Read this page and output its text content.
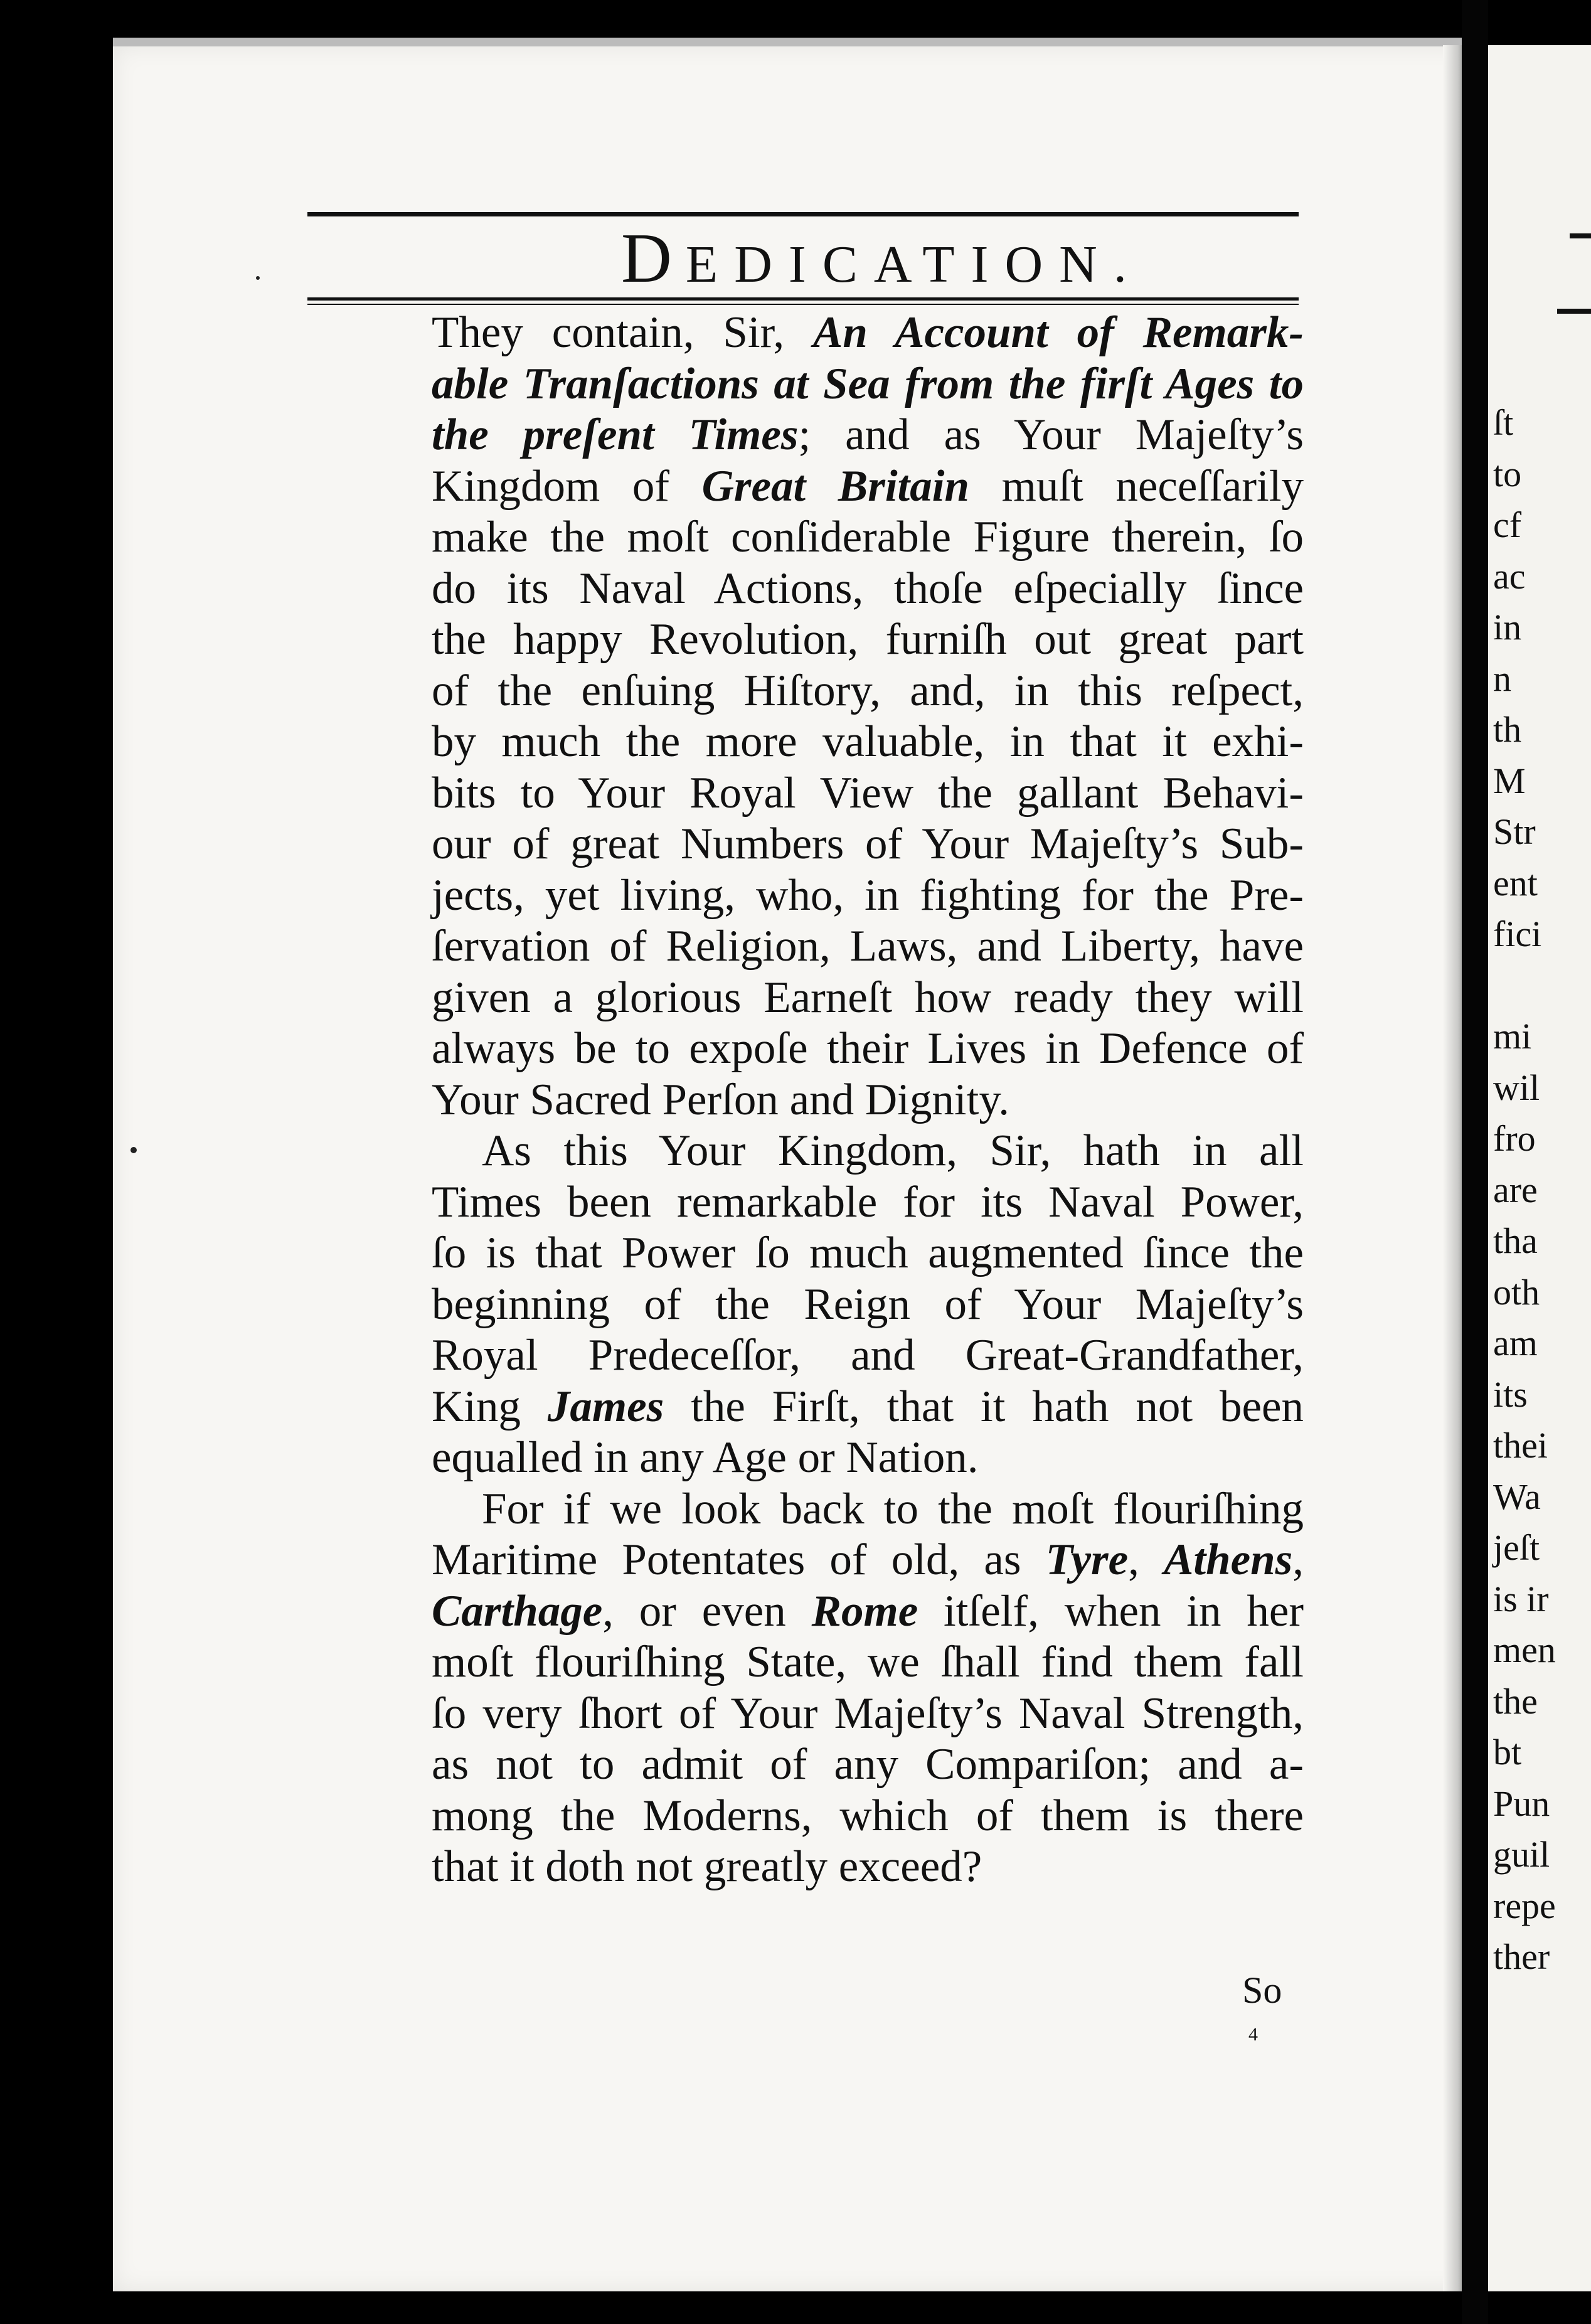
ſt
to
cf
ac
in
n
th
M
Str
ent
fici
mi
wil
fro
are
tha
oth
am
its
thei
Wa
jeſt
is ir
men
the
bt
Pun
guil
repe
ther
DEDICATION.
They contain, Sir, An Account of Remark-
able Tranſactions at Sea from the firſt Ages to
the preſent Times; and as Your Majeſty’s
Kingdom of Great Britain muſt neceſſarily
make the moſt conſiderable Figure therein, ſo
do its Naval Actions, thoſe eſpecially ſince
the happy Revolution, furniſh out great part
of the enſuing Hiſtory, and, in this reſpect,
by much the more valuable, in that it exhi-
bits to Your Royal View the gallant Behavi-
our of great Numbers of Your Majeſty’s Sub-
jects, yet living, who, in fighting for the Pre-
ſervation of Religion, Laws, and Liberty, have
given a glorious Earneſt how ready they will
always be to expoſe their Lives in Defence of
Your Sacred Perſon and Dignity.
As this Your Kingdom, Sir, hath in all
Times been remarkable for its Naval Power,
ſo is that Power ſo much augmented ſince the
beginning of the Reign of Your Majeſty’s
Royal Predeceſſor, and Great-Grandfather,
King James the Firſt, that it hath not been
equalled in any Age or Nation.
For if we look back to the moſt flouriſhing
Maritime Potentates of old, as Tyre, Athens,
Carthage, or even Rome itſelf, when in her
moſt flouriſhing State, we ſhall find them fall
ſo very ſhort of Your Majeſty’s Naval Strength,
as not to admit of any Compariſon; and a-
mong the Moderns, which of them is there
that it doth not greatly exceed?
So
4
